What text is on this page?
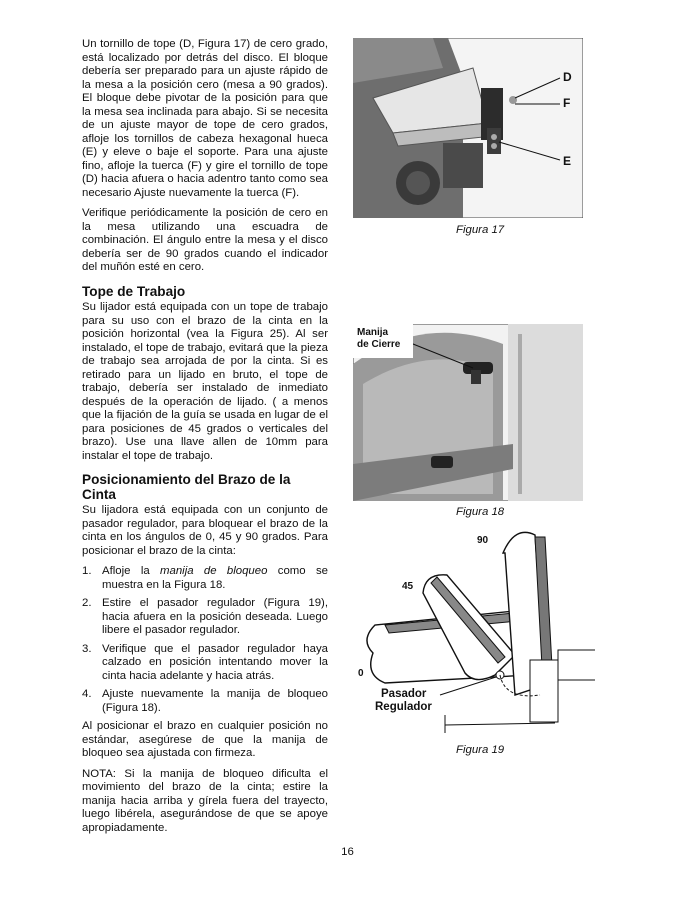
Un tornillo de tope (D, Figura 17) de cero grado, está localizado por detrás del disco. El bloque debería ser preparado para un ajuste rápido de la mesa a la posición cero (mesa a 90 grados). El bloque debe pivotar de la posición para que la mesa sea inclinada para abajo. Si se necesita de un ajuste mayor de tope de cero grados, afloje los tornillos de cabeza hexagonal hueca (E) y eleve o baje el soporte. Para una ajuste fino, afloje la tuerca (F) y gire el tornillo de tope (D) hacia afuera o hacia adentro tanto como sea necesario Ajuste nuevamente la tuerca (F).

Verifique periódicamente la posición de cero en la mesa utilizando una escuadra de combinación. El ángulo entre la mesa y el disco debería ser de 90 grados cuando el indicador del muñón esté en cero.

Tope de Trabajo

Su lijador está equipada con un tope de trabajo para su uso con el brazo de la cinta en la posición horizontal (vea la Figura 25). Al ser instalado, el tope de trabajo, evitará que la pieza de trabajo sea arrojada de por la cinta. Si es retirado para un lijado en bruto, el tope de trabajo, debería ser instalado de inmediato después de la operación de lijado. ( a menos que la fijación de la guía se usada en lugar de el para posiciones de 45 grados o verticales del brazo). Use una llave allen de 10mm para instalar el tope de trabajo.

Posicionamiento del Brazo de la Cinta

Su lijadora está equipada con un conjunto de pasador regulador, para bloquear el brazo de la cinta en los ángulos de 0, 45 y 90 grados. Para posicionar el brazo de la cinta:

1. Afloje la manija de bloqueo como se muestra en la Figura 18.
2. Estire el pasador regulador (Figura 19), hacia afuera en la posición deseada. Luego libere el pasador regulador.
3. Verifique que el pasador regulador haya calzado en posición intentando mover la cinta hacia adelante y hacia atrás.
4. Ajuste nuevamente la manija de bloqueo (Figura 18).

Al posicionar el brazo en cualquier posición no estándar, asegúrese de que la manija de bloqueo sea ajustada con firmeza.

NOTA: Si la manija de bloqueo dificulta el movimiento del brazo de la cinta; estire la manija hacia arriba y gírela fuera del trayecto, luego libérela, asegurándose de que se apoye apropiadamente.

D
F
E
Figura 17
Manija
de Cierre
Figura 18
90
45
0
Pasador
Regulador
Figura 19
16
